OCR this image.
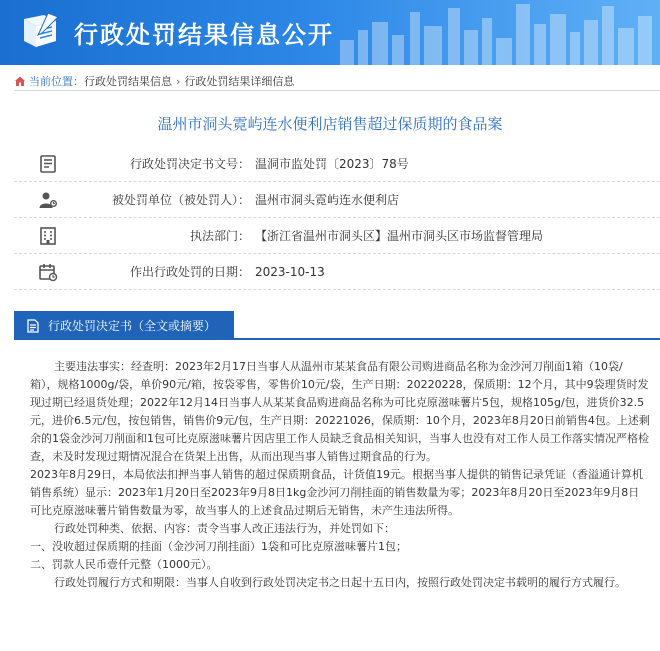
行政处罚结果信息公开
当前位置： 行政处罚结果信息 › 行政处罚结果详细信息
温州市洞头霓屿连水便利店销售超过保质期的食品案
行政处罚决定书文号： 温洞市监处罚〔2023〕78号
被处罚单位（被处罚人）： 温州市洞头霓屿连水便利店
执法部门： 【浙江省温州市洞头区】温州市洞头区市场监督管理局
作出行政处罚的日期： 2023-10-13
行政处罚决定书（全文或摘要）

主要违法事实：经查明：2023年2月17日当事人从温州市某某食品有限公司购进商品名称为金沙河刀削面1箱（10袋/箱），规格1000g/袋，单价90元/箱，按袋零售，零售价10元/袋，生产日期：20220228，保质期：12个月，其中9袋理货时发现过期已经退货处理；2022年12月14日当事人从某某食品购进商品名称为可比克原滋味薯片5包，规格105g/包，进货价32.5元，进价6.5元/包，按包销售，销售价9元/包，生产日期：20221026，保质期：10个月，2023年8月20日前销售4包。上述剩余的1袋金沙河刀削面和1包可比克原滋味薯片因店里工作人员缺乏食品相关知识，当事人也没有对工作人员工作落实情况严格检查，未及时发现过期情况混合在货架上出售，从而出现当事人销售过期食品的行为。

2023年8月29日，本局依法扣押当事人销售的超过保质期食品，计货值19元。根据当事人提供的销售记录凭证（香溢通计算机销售系统）显示：2023年1月20日至2023年9月8日1kg金沙河刀削挂面的销售数量为零；2023年8月20日至2023年9月8日可比克原滋味薯片销售数量为零，故当事人的上述食品过期后无销售，未产生违法所得。

行政处罚种类、依据、内容：责令当事人改正违法行为，并处罚如下：

一、没收超过保质期的挂面（金沙河刀削挂面）1袋和可比克原滋味薯片1包；

二、罚款人民币壹仟元整（1000元）。

行政处罚履行方式和期限：当事人自收到行政处罚决定书之日起十五日内，按照行政处罚决定书载明的履行方式履行。
